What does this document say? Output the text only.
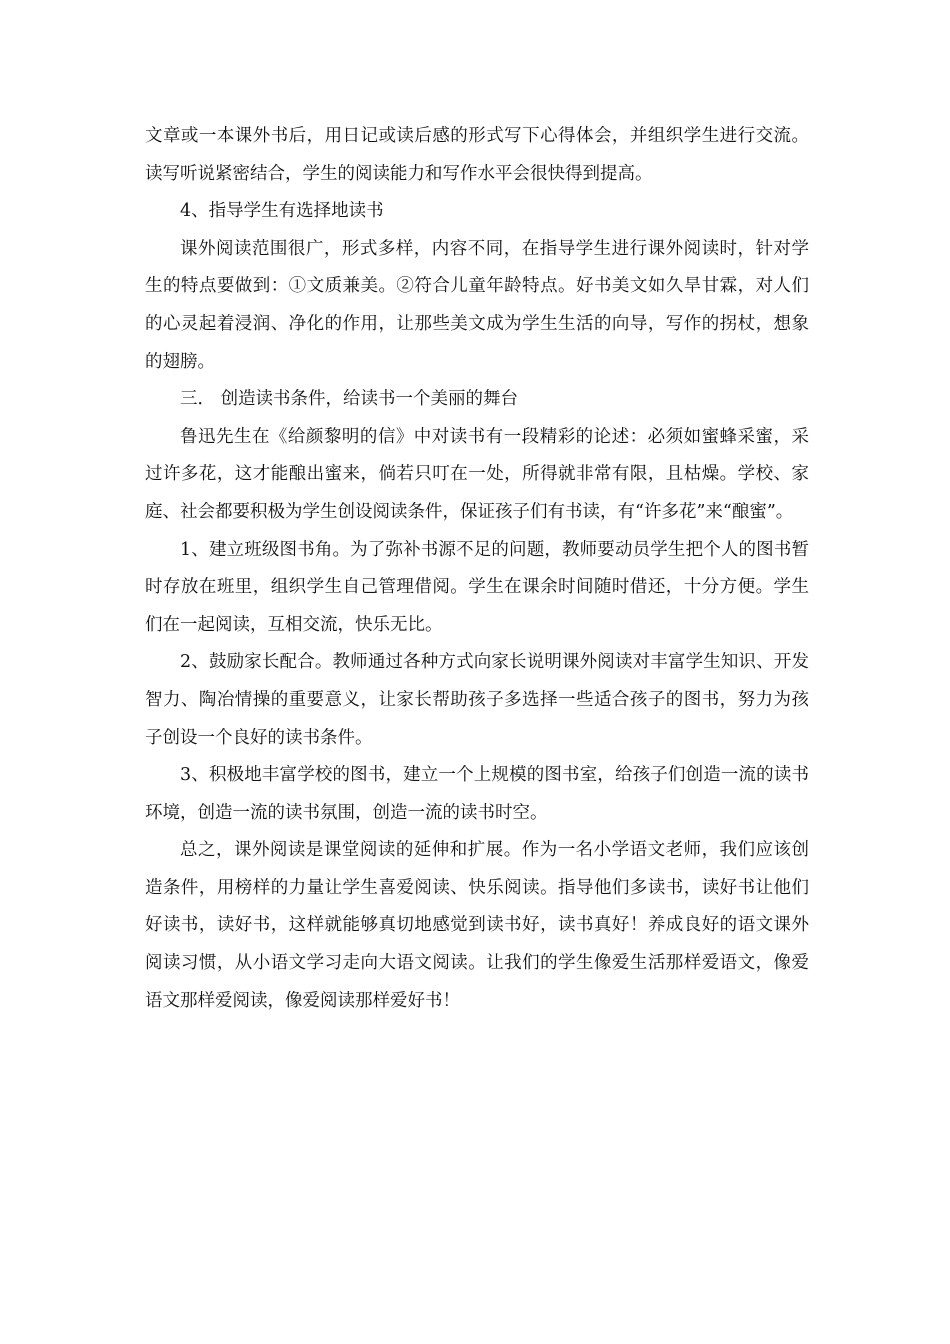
文章或一本课外书后，用日记或读后感的形式写下心得体会，并组织学生进行交流。读写听说紧密结合，学生的阅读能力和写作水平会很快得到提高。

4、指导学生有选择地读书

课外阅读范围很广，形式多样，内容不同，在指导学生进行课外阅读时，针对学生的特点要做到：①文质兼美。②符合儿童年龄特点。好书美文如久旱甘霖，对人们的心灵起着浸润、净化的作用，让那些美文成为学生生活的向导，写作的拐杖，想象的翅膀。

三． 创造读书条件，给读书一个美丽的舞台

鲁迅先生在《给颜黎明的信》中对读书有一段精彩的论述：必须如蜜蜂采蜜，采过许多花，这才能酿出蜜来，倘若只叮在一处，所得就非常有限，且枯燥。学校、家庭、社会都要积极为学生创设阅读条件，保证孩子们有书读，有“许多花”来“酿蜜”。

1、建立班级图书角。为了弥补书源不足的问题，教师要动员学生把个人的图书暂时存放在班里，组织学生自己管理借阅。学生在课余时间随时借还，十分方便。学生们在一起阅读，互相交流，快乐无比。

2、鼓励家长配合。教师通过各种方式向家长说明课外阅读对丰富学生知识、开发智力、陶冶情操的重要意义，让家长帮助孩子多选择一些适合孩子的图书，努力为孩子创设一个良好的读书条件。

3、积极地丰富学校的图书，建立一个上规模的图书室，给孩子们创造一流的读书环境，创造一流的读书氛围，创造一流的读书时空。

总之，课外阅读是课堂阅读的延伸和扩展。作为一名小学语文老师，我们应该创造条件，用榜样的力量让学生喜爱阅读、快乐阅读。指导他们多读书，读好书让他们好读书，读好书，这样就能够真切地感觉到读书好，读书真好！养成良好的语文课外阅读习惯，从小语文学习走向大语文阅读。让我们的学生像爱生活那样爱语文，像爱语文那样爱阅读，像爱阅读那样爱好书！
